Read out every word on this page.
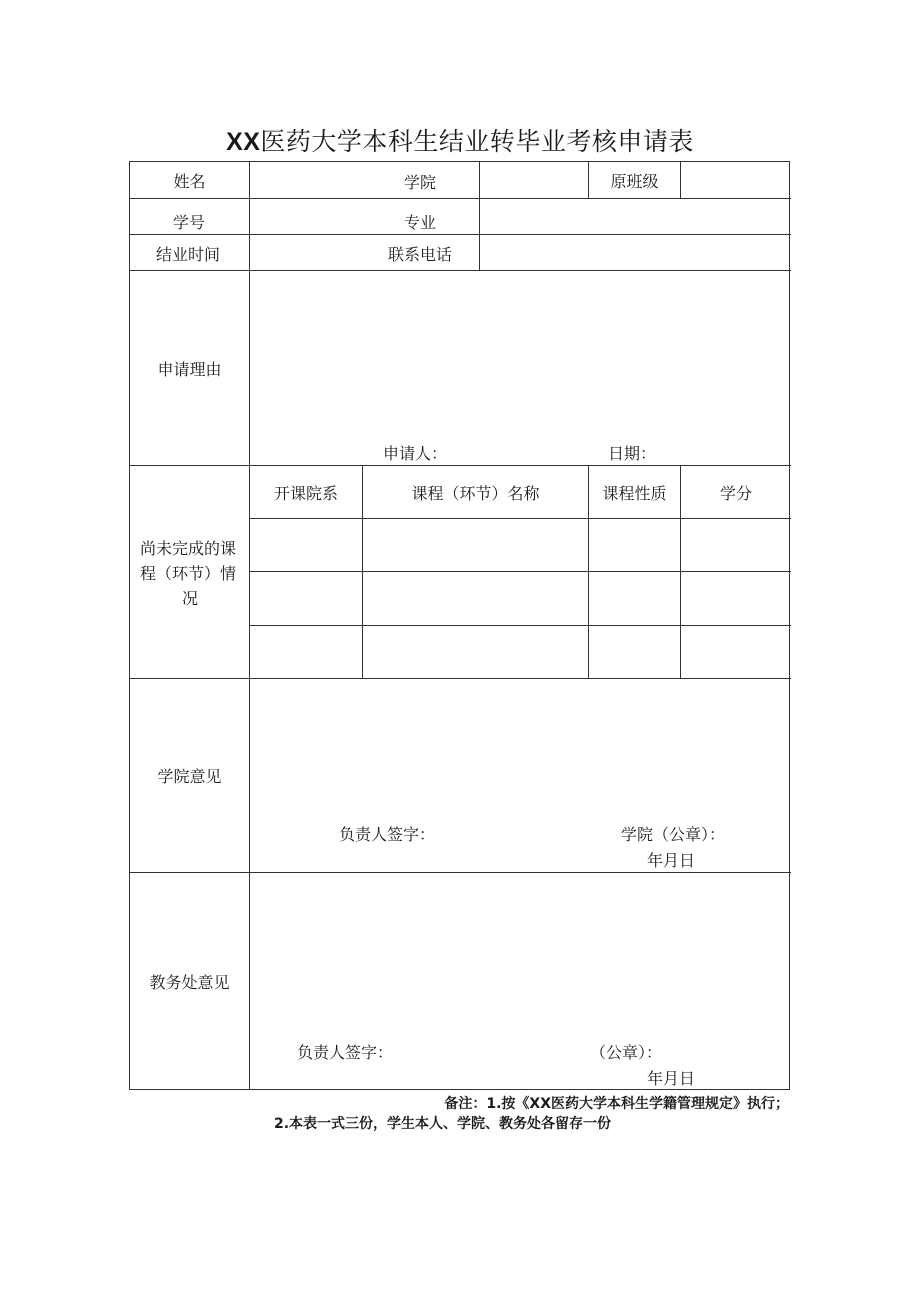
XX医药大学本科生结业转毕业考核申请表
姓名	学院	原班级
学号	专业
结业时间	联系电话
申请理由
申请人：	日期：
尚未完成的课
程（环节）情
况
开课院系	课程（环节）名称	课程性质	学分
学院意见
负责人签字：	学院（公章）：
年月日
教务处意见
负责人签字：	（公章）：
年月日
备注：1.按《XX医药大学本科生学籍管理规定》执行；
2.本表一式三份，学生本人、学院、教务处各留存一份
